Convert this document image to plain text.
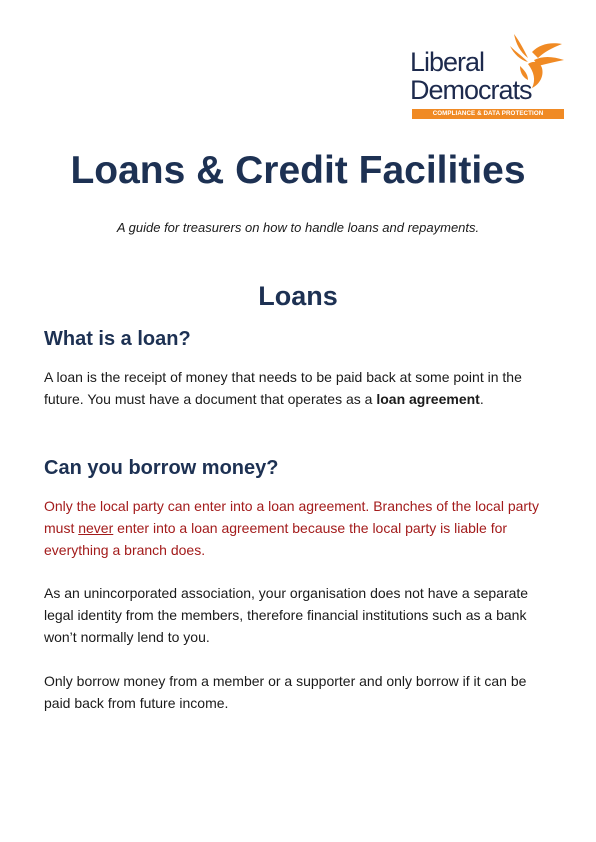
Liberal
Democrats
COMPLIANCE & DATA PROTECTION
Loans & Credit Facilities
A guide for treasurers on how to handle loans and repayments.
Loans
What is a loan?

A loan is the receipt of money that needs to be paid back at some point in the future. You must have a document that operates as a loan agreement.

Can you borrow money?

Only the local party can enter into a loan agreement. Branches of the local party must never enter into a loan agreement because the local party is liable for everything a branch does.

As an unincorporated association, your organisation does not have a separate legal identity from the members, therefore financial institutions such as a bank won’t normally lend to you.

Only borrow money from a member or a supporter and only borrow if it can be paid back from future income.
